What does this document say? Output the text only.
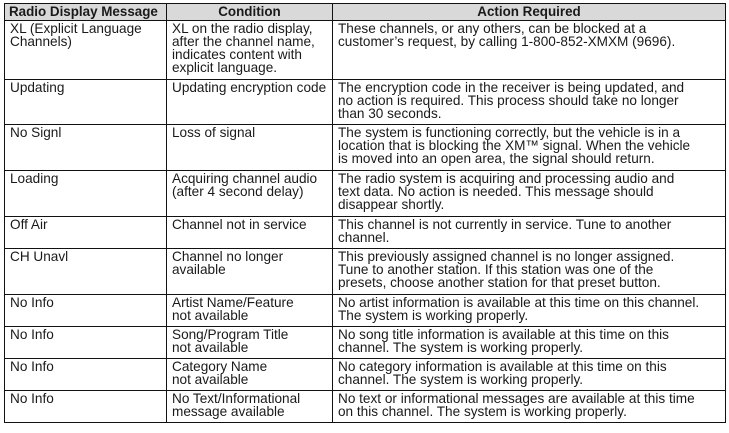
Radio Display Message	Condition	Action Required
XL (Explicit Language
Channels)	XL on the radio display,
after the channel name,
indicates content with
explicit language.	These channels, or any others, can be blocked at a
customer’s request, by calling 1-800-852-XMXM (9696).
Updating	Updating encryption code	The encryption code in the receiver is being updated, and
no action is required. This process should take no longer
than 30 seconds.
No Signl	Loss of signal	The system is functioning correctly, but the vehicle is in a
location that is blocking the XM™ signal. When the vehicle
is moved into an open area, the signal should return.
Loading	Acquiring channel audio
(after 4 second delay)	The radio system is acquiring and processing audio and
text data. No action is needed. This message should
disappear shortly.
Off Air	Channel not in service	This channel is not currently in service. Tune to another
channel.
CH Unavl	Channel no longer
available	This previously assigned channel is no longer assigned.
Tune to another station. If this station was one of the
presets, choose another station for that preset button.
No Info	Artist Name/Feature
not available	No artist information is available at this time on this channel.
The system is working properly.
No Info	Song/Program Title
not available	No song title information is available at this time on this
channel. The system is working properly.
No Info	Category Name
not available	No category information is available at this time on this
channel. The system is working properly.
No Info	No Text/Informational
message available	No text or informational messages are available at this time
on this channel. The system is working properly.
